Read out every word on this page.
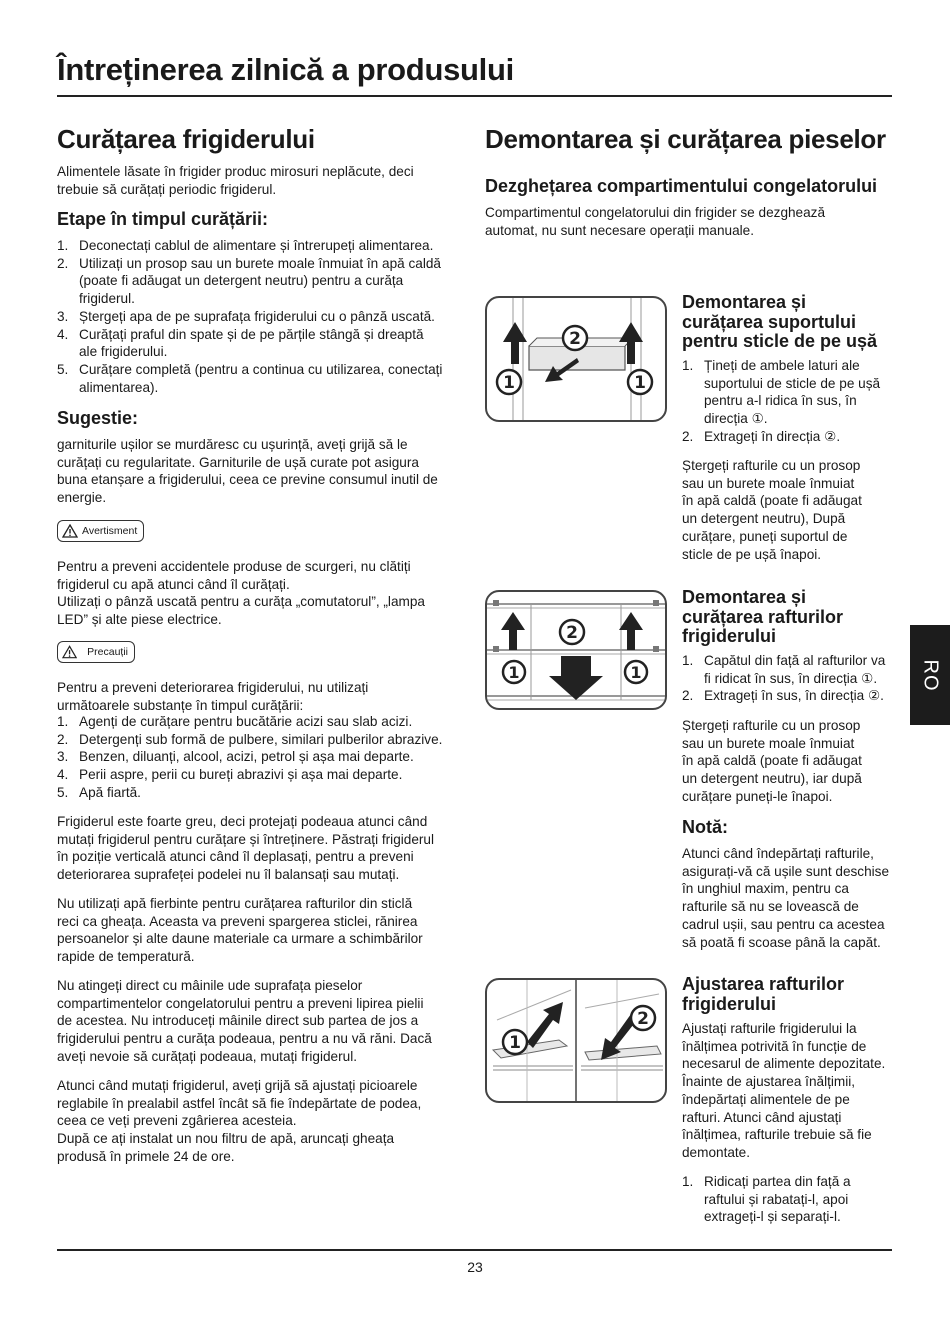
Întreținerea zilnică a produsului
Curățarea frigiderului
Alimentele lăsate în frigider produc mirosuri neplăcute, deci
trebuie să curățați periodic frigiderul.
Etape în timpul curățării:
1. Deconectați cablul de alimentare și întrerupeți alimentarea.
2. Utilizați un prosop sau un burete moale înmuiat în apă caldă
(poate fi adăugat un detergent neutru) pentru a curăța
frigiderul.
3. Ștergeți apa de pe suprafața frigiderului cu o pânză uscată.
4. Curățați praful din spate și de pe părțile stângă și dreaptă
ale frigiderului.
5. Curățare completă (pentru a continua cu utilizarea, conectați
alimentarea).
Sugestie:
garniturile ușilor se murdăresc cu ușurință, aveți grijă să le
curățați cu regularitate. Garniturile de ușă curate pot asigura
buna etanșare a frigiderului, ceea ce previne consumul inutil de
energie.
Avertisment
Pentru a preveni accidentele produse de scurgeri, nu clătiți
frigiderul cu apă atunci când îl curățați.
Utilizați o pânză uscată pentru a curăța „comutatorul”, „lampa
LED” și alte piese electrice.
Precauții
Pentru a preveni deteriorarea frigiderului, nu utilizați
următoarele substanțe în timpul curățării:
1. Agenți de curățare pentru bucătărie acizi sau slab acizi.
2. Detergenți sub formă de pulbere, similari pulberilor abrazive.
3. Benzen, diluanți, alcool, acizi, petrol și așa mai departe.
4. Perii aspre, perii cu bureți abrazivi și așa mai departe.
5. Apă fiartă.
Frigiderul este foarte greu, deci protejați podeaua atunci când
mutați frigiderul pentru curățare și întreținere. Păstrați frigiderul
în poziție verticală atunci când îl deplasați, pentru a preveni
deteriorarea suprafeței podelei nu îl balansați sau mutați.
Nu utilizați apă fierbinte pentru curățarea rafturilor din sticlă
reci ca gheața. Aceasta va preveni spargerea sticlei, rănirea
persoanelor și alte daune materiale ca urmare a schimbărilor
rapide de temperatură.
Nu atingeți direct cu mâinile ude suprafața pieselor
compartimentelor congelatorului pentru a preveni lipirea pielii
de acestea. Nu introduceți mâinile direct sub partea de jos a
frigiderului pentru a curăța podeaua, pentru a nu vă răni. Dacă
aveți nevoie să curățați podeaua, mutați frigiderul.
Atunci când mutați frigiderul, aveți grijă să ajustați picioarele
reglabile în prealabil astfel încât să fie îndepărtate de podea,
ceea ce veți preveni zgârierea acesteia.
După ce ați instalat un nou filtru de apă, aruncați gheața
produsă în primele 24 de ore.
Demontarea și curățarea pieselor
Dezghețarea compartimentului congelatorului
Compartimentul congelatorului din frigider se dezghează
automat, nu sunt necesare operații manuale.
2
1	1
Demontarea și
curățarea suportului
pentru sticle de pe ușă
1. Țineți de ambele laturi ale
suportului de sticle de pe ușă
pentru a-l ridica în sus, în
direcția ①.
2. Extrageți în direcția ②.
Ștergeți rafturile cu un prosop
sau un burete moale înmuiat
în apă caldă (poate fi adăugat
un detergent neutru), După
curățare, puneți suportul de
sticle de pe ușă înapoi.
2
1	1
Demontarea și
curățarea rafturilor
frigiderului
1. Capătul din față al rafturilor va
fi ridicat în sus, în direcția ①.
2. Extrageți în sus, în direcția ②.
Ștergeți rafturile cu un prosop
sau un burete moale înmuiat
în apă caldă (poate fi adăugat
un detergent neutru), iar după
curățare puneți-le înapoi.
Notă:
Atunci când îndepărtați rafturile,
asigurați-vă că ușile sunt deschise
în unghiul maxim, pentru ca
rafturile să nu se lovească de
cadrul ușii, sau pentru ca acestea
să poată fi scoase până la capăt.
1
2
Ajustarea rafturilor
frigiderului
Ajustați rafturile frigiderului la
înălțimea potrivită în funcție de
necesarul de alimente depozitate.
Înainte de ajustarea înălțimii,
îndepărtați alimentele de pe
rafturi. Atunci când ajustați
înălțimea, rafturile trebuie să fie
demontate.
1. Ridicați partea din față a
raftului și rabatați-l, apoi
extrageți-l și separați-l.
RO
23
